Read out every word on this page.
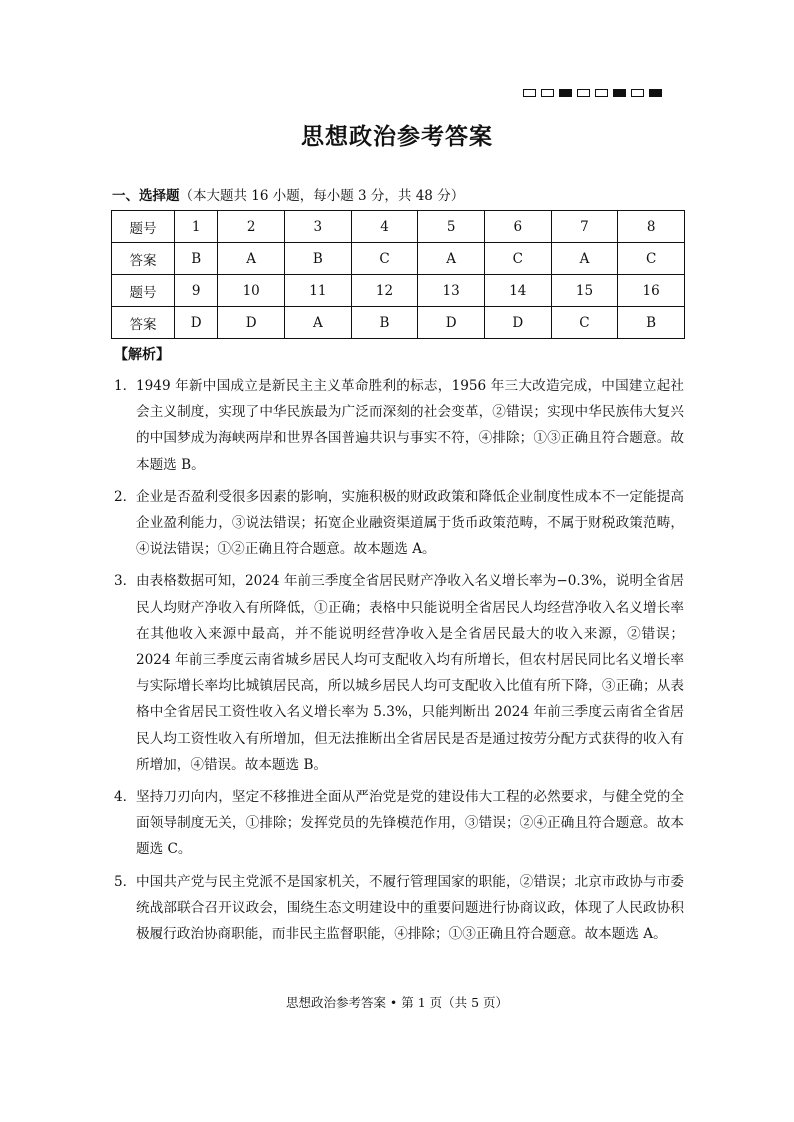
思想政治参考答案
一、选择题（本大题共 16 小题，每小题 3 分，共 48 分）
题号	1	2	3	4	5	6	7	8
答案	B	A	B	C	A	C	A	C
题号	9	10	11	12	13	14	15	16
答案	D	D	A	B	D	D	C	B
【解析】
1． 1949 年新中国成立是新民主主义革命胜利的标志，1956 年三大改造完成，中国建立起社会主义制度，实现了中华民族最为广泛而深刻的社会变革，②错误；实现中华民族伟大复兴的中国梦成为海峡两岸和世界各国普遍共识与事实不符，④排除；①③正确且符合题意。故本题选 B。
2． 企业是否盈利受很多因素的影响，实施积极的财政政策和降低企业制度性成本不一定能提高企业盈利能力，③说法错误；拓宽企业融资渠道属于货币政策范畴，不属于财税政策范畴，④说法错误；①②正确且符合题意。故本题选 A。
3． 由表格数据可知，2024 年前三季度全省居民财产净收入名义增长率为−0.3%，说明全省居民人均财产净收入有所降低，①正确；表格中只能说明全省居民人均经营净收入名义增长率在其他收入来源中最高，并不能说明经营净收入是全省居民最大的收入来源，②错误；2024 年前三季度云南省城乡居民人均可支配收入均有所增长，但农村居民同比名义增长率与实际增长率均比城镇居民高，所以城乡居民人均可支配收入比值有所下降，③正确；从表格中全省居民工资性收入名义增长率为 5.3%，只能判断出 2024 年前三季度云南省全省居民人均工资性收入有所增加，但无法推断出全省居民是否是通过按劳分配方式获得的收入有所增加，④错误。故本题选 B。
4． 坚持刀刃向内，坚定不移推进全面从严治党是党的建设伟大工程的必然要求，与健全党的全面领导制度无关，①排除；发挥党员的先锋模范作用，③错误；②④正确且符合题意。故本题选 C。
5． 中国共产党与民主党派不是国家机关，不履行管理国家的职能，②错误；北京市政协与市委统战部联合召开议政会，围绕生态文明建设中的重要问题进行协商议政，体现了人民政协积极履行政治协商职能，而非民主监督职能，④排除；①③正确且符合题意。故本题选 A。
思想政治参考答案 • 第 1 页（共 5 页）
